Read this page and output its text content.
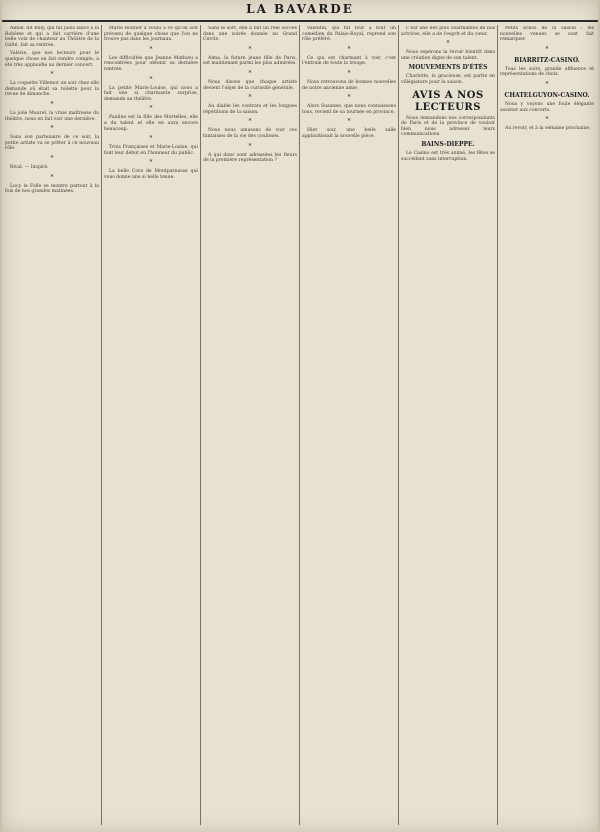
LA BAVARDE

Annie, dit Billy, qui fut jadis lancé à la Bohème et qui a fait carrière d'une belle voix de chanteur au Théâtre de la Gaîté, fait sa rentrée.

Valérie, que nos lecteurs pour le quelque chose en fait rendre compte, a été très applaudie au dernier concert.

*

La coquette Villemot un soir chez elle demande où était sa toilette pour la revue de dimanche.

*

La jolie Maurel, la vraie maîtresse du théâtre, nous en fait voir une dernière.

*

Sans son partenaire de ce soir, la petite artiste va se prêter à ce nouveau rôle.

*

Rival. — Inspiré.

*

Lucy la Folle se montre partout à la fois de nos grandes matinées.

Marie Boutier a voulu à ce qu'on soit prévenu de quelque chose que l'on ne trouve pas dans les journaux.

*

Les difficultés que Jeanne Mathieu a rencontrées pour obtenir sa dernière rentrée.

*

La petite Marie-Louise, qui nous a fait une si charmante surprise, demande au théâtre.

*

Pauline est la fille des Mortelles, elle a du talent et elle en aura encore beaucoup.

*

Trois Françaises et Marie-Louise, qui font leur début en l'honneur du public.

*

La belle Cora de Montparnasse qui vous donne une si belle tenue.

Sans le sort, elle a fait un réel succès dans une soirée donnée au Grand Cercle.

*

Alma, la future jeune fille de Paris, est maintenant parmi les plus admirées.

*

Nous disons que chaque artiste devient l'objet de la curiosité générale.

*

Au diable les contrats et les longues répétitions de la saison.

*

Nous nous amusons de voir ces fantaisies de la vie des coulisses.

*

A qui donc sont adressées les fleurs de la première représentation ?

Valentin, qui fut tour à tour un comédien du Palais-Royal, reprend son rôle préféré.

*

Ce qui est charmant à voir, c'est l'entrain de toute la troupe.

*

Nous retrouvons de bonnes nouvelles de notre ancienne amie.

*

Alors Suzanne, que nous connaissons tous, revient de sa tournée en province.

*

Hier soir, une belle salle applaudissait la nouvelle pièce.

C'est une des plus charmantes de nos actrices, elle a de l'esprit et du cœur.

*

Nous espérons la revoir bientôt dans une création digne de son talent.

MOUVEMENTS D'ÉTÉS

Charlotte, la gracieuse, est partie en villégiature pour la saison.

AVIS A NOS LECTEURS

Nous demandons nos correspondants de Paris et de la province de vouloir bien nous adresser leurs communications.

BAINS-DIEPPE.

Le Casino est très animé, les fêtes se succèdent sans interruption.

Petits échos de la saison : les nouvelles venues se sont fait remarquer.

*
BIARRITZ-CASINO.

Tous les soirs, grande affluence et représentations de choix.

*
CHATELGUYON-CASINO.

Nous y voyons une foule élégante assister aux concerts.

*

Au revoir, et à la semaine prochaine.
